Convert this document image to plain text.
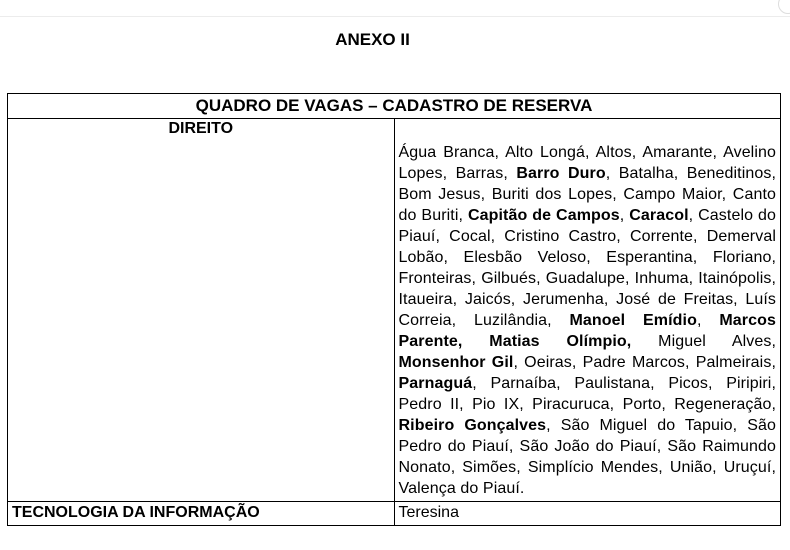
ANEXO II
QUADRO DE VAGAS – CADASTRO DE RESERVA	
DIREITO	Água Branca, Alto Longá, Altos, Amarante, Avelino Lopes, Barras, Barro Duro, Batalha, Beneditinos, Bom Jesus, Buriti dos Lopes, Campo Maior, Canto do Buriti, Capitão de Campos, Caracol, Castelo do Piauí, Cocal, Cristino Castro, Corrente, Demerval Lobão, Elesbão Veloso, Esperantina, Floriano, Fronteiras, Gilbués, Guadalupe, Inhuma, Itainópolis, Itaueira, Jaicós, Jerumenha, José de Freitas, Luís Correia, Luzilândia, Manoel Emídio, Marcos Parente, Matias Olímpio, Miguel Alves, Monsenhor Gil, Oeiras, Padre Marcos, Palmeirais, Parnaguá, Parnaíba, Paulistana, Picos, Piripiri, Pedro II, Pio IX, Piracuruca, Porto, Regeneração, Ribeiro Gonçalves, São Miguel do Tapuio, São Pedro do Piauí, São João do Piauí, São Raimundo Nonato, Simões, Simplício Mendes, União, Uruçuí, Valença do Piauí.

TECNOLOGIA DA INFORMAÇÃO	Teresina
